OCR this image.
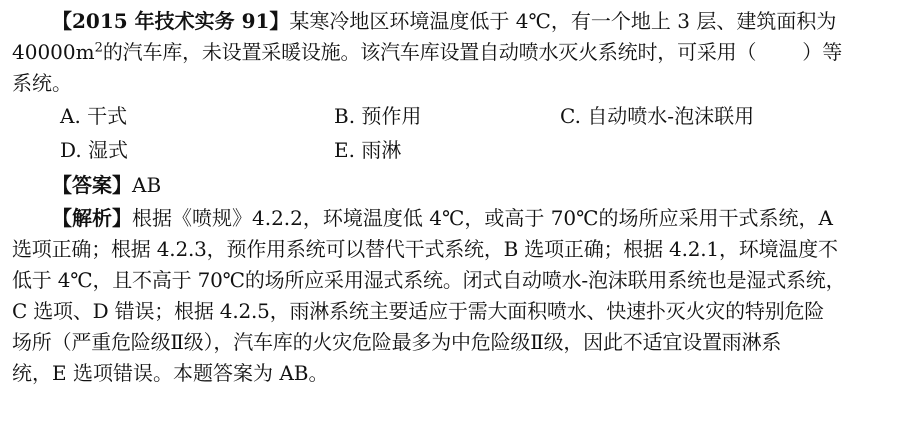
【2015 年技术实务 91】某寒冷地区环境温度低于 4℃，有一个地上 3 层、建筑面积为
$40000m^2$的汽车库，未设置采暖设施。该汽车库设置自动喷水灭火系统时，可采用（ ）等
系统。
A. 干式	B. 预作用	C. 自动喷水-泡沫联用
D. 湿式	E. 雨淋
【答案】AB
【解析】根据《喷规》4.2.2，环境温度低 4℃，或高于 70℃的场所应采用干式系统，A
选项正确；根据 4.2.3，预作用系统可以替代干式系统，B 选项正确；根据 4.2.1，环境温度不
低于 4℃，且不高于 70℃的场所应采用湿式系统。闭式自动喷水-泡沫联用系统也是湿式系统，
C 选项、D 错误；根据 4.2.5，雨淋系统主要适应于需大面积喷水、快速扑灭火灾的特别危险
场所（严重危险级Ⅱ级），汽车库的火灾危险最多为中危险级Ⅱ级，因此不适宜设置雨淋系
统，E 选项错误。本题答案为 AB。
